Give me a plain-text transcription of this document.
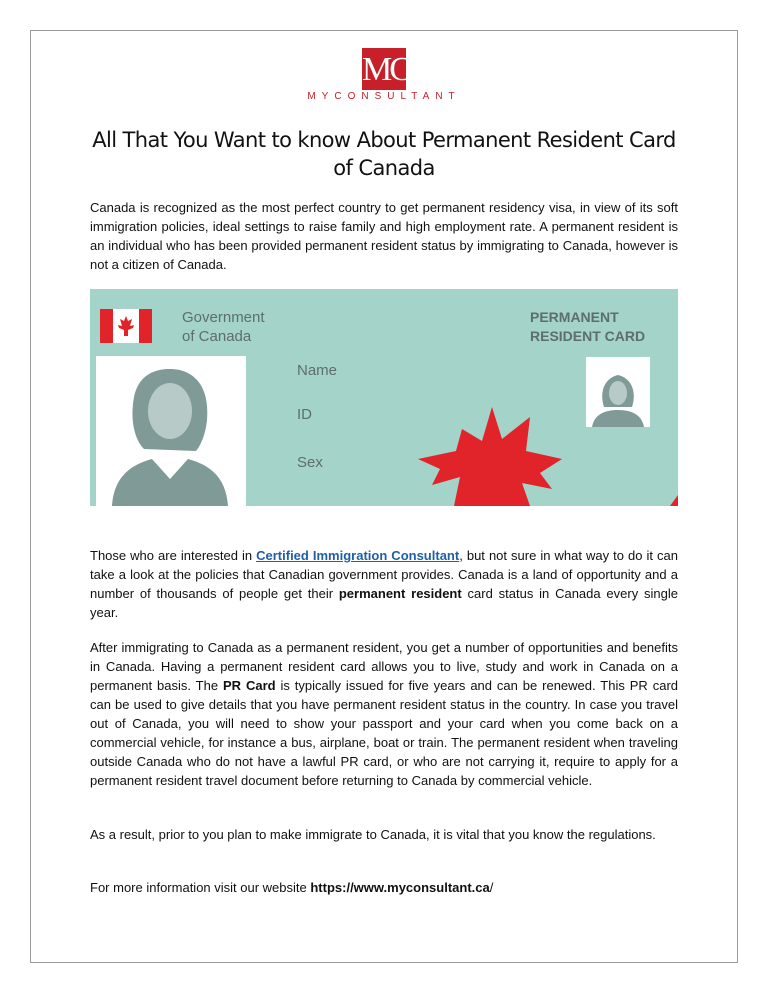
MC
MYCONSULTANT
All That You Want to know About Permanent Resident Card of Canada

Canada is recognized as the most perfect country to get permanent residency visa, in view of its soft immigration policies, ideal settings to raise family and high employment rate. A permanent resident is an individual who has been provided permanent resident status by immigrating to Canada, however is not a citizen of Canada.

Government
of Canada
PERMANENT
RESIDENT CARD
Name
ID
Sex

Those who are interested in Certified Immigration Consultant, but not sure in what way to do it can take a look at the policies that Canadian government provides. Canada is a land of opportunity and a number of thousands of people get their permanent resident card status in Canada every single year.

After immigrating to Canada as a permanent resident, you get a number of opportunities and benefits in Canada. Having a permanent resident card allows you to live, study and work in Canada on a permanent basis. The PR Card is typically issued for five years and can be renewed. This PR card can be used to give details that you have permanent resident status in the country. In case you travel out of Canada, you will need to show your passport and your card when you come back on a commercial vehicle, for instance a bus, airplane, boat or train. The permanent resident when traveling outside Canada who do not have a lawful PR card, or who are not carrying it, require to apply for a permanent resident travel document before returning to Canada by commercial vehicle.

As a result, prior to you plan to make immigrate to Canada, it is vital that you know the regulations.

For more information visit our website https://www.myconsultant.ca/
